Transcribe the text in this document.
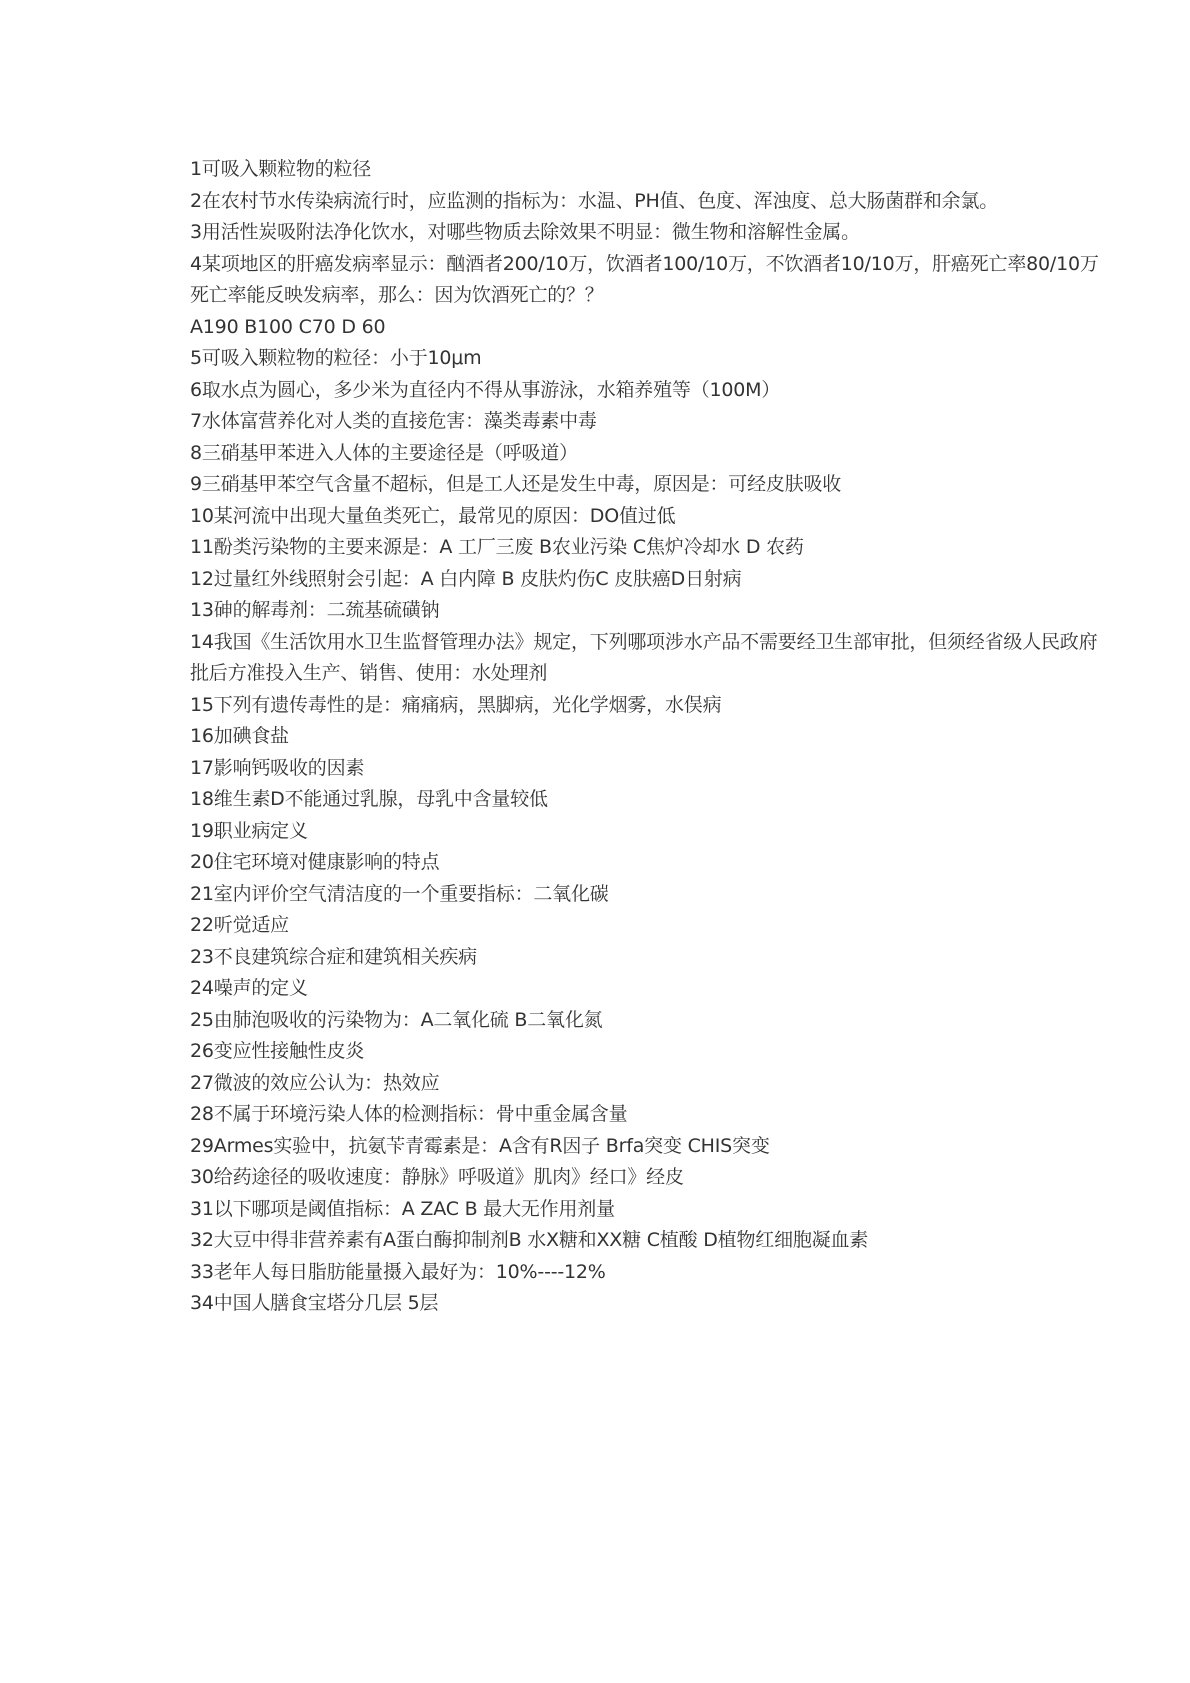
1可吸入颗粒物的粒径
2在农村节水传染病流行时，应监测的指标为：水温、PH值、色度、浑浊度、总大肠菌群和余氯。
3用活性炭吸附法净化饮水，对哪些物质去除效果不明显：微生物和溶解性金属。
4某项地区的肝癌发病率显示：酗酒者200/10万，饮酒者100/10万，不饮酒者10/10万，肝癌死亡率80/10万
死亡率能反映发病率，那么：因为饮酒死亡的？？
A190 B100 C70 D 60
5可吸入颗粒物的粒径：小于10μm
6取水点为圆心，多少米为直径内不得从事游泳，水箱养殖等（100M）
7水体富营养化对人类的直接危害：藻类毒素中毒
8三硝基甲苯进入人体的主要途径是（呼吸道）
9三硝基甲苯空气含量不超标，但是工人还是发生中毒，原因是：可经皮肤吸收
10某河流中出现大量鱼类死亡，最常见的原因：DO值过低
11酚类污染物的主要来源是：A 工厂三废 B农业污染 C焦炉冷却水 D 农药
12过量红外线照射会引起：A 白内障 B 皮肤灼伤C 皮肤癌D日射病
13砷的解毒剂：二巯基硫磺钠
14我国《生活饮用水卫生监督管理办法》规定，下列哪项涉水产品不需要经卫生部审批，但须经省级人民政府
批后方准投入生产、销售、使用：水处理剂
15下列有遗传毒性的是：痛痛病，黑脚病，光化学烟雾，水俣病
16加碘食盐
17影响钙吸收的因素
18维生素D不能通过乳腺，母乳中含量较低
19职业病定义
20住宅环境对健康影响的特点
21室内评价空气清洁度的一个重要指标：二氧化碳
22听觉适应
23不良建筑综合症和建筑相关疾病
24噪声的定义
25由肺泡吸收的污染物为：A二氧化硫 B二氧化氮
26变应性接触性皮炎
27微波的效应公认为：热效应
28不属于环境污染人体的检测指标：骨中重金属含量
29Armes实验中，抗氨苄青霉素是：A含有R因子 Brfa突变 CHIS突变
30给药途径的吸收速度：静脉》呼吸道》肌肉》经口》经皮
31以下哪项是阈值指标：A ZAC B 最大无作用剂量
32大豆中得非营养素有A蛋白酶抑制剂B 水X糖和XX糖 C植酸 D植物红细胞凝血素
33老年人每日脂肪能量摄入最好为：10%----12%
34中国人膳食宝塔分几层 5层
